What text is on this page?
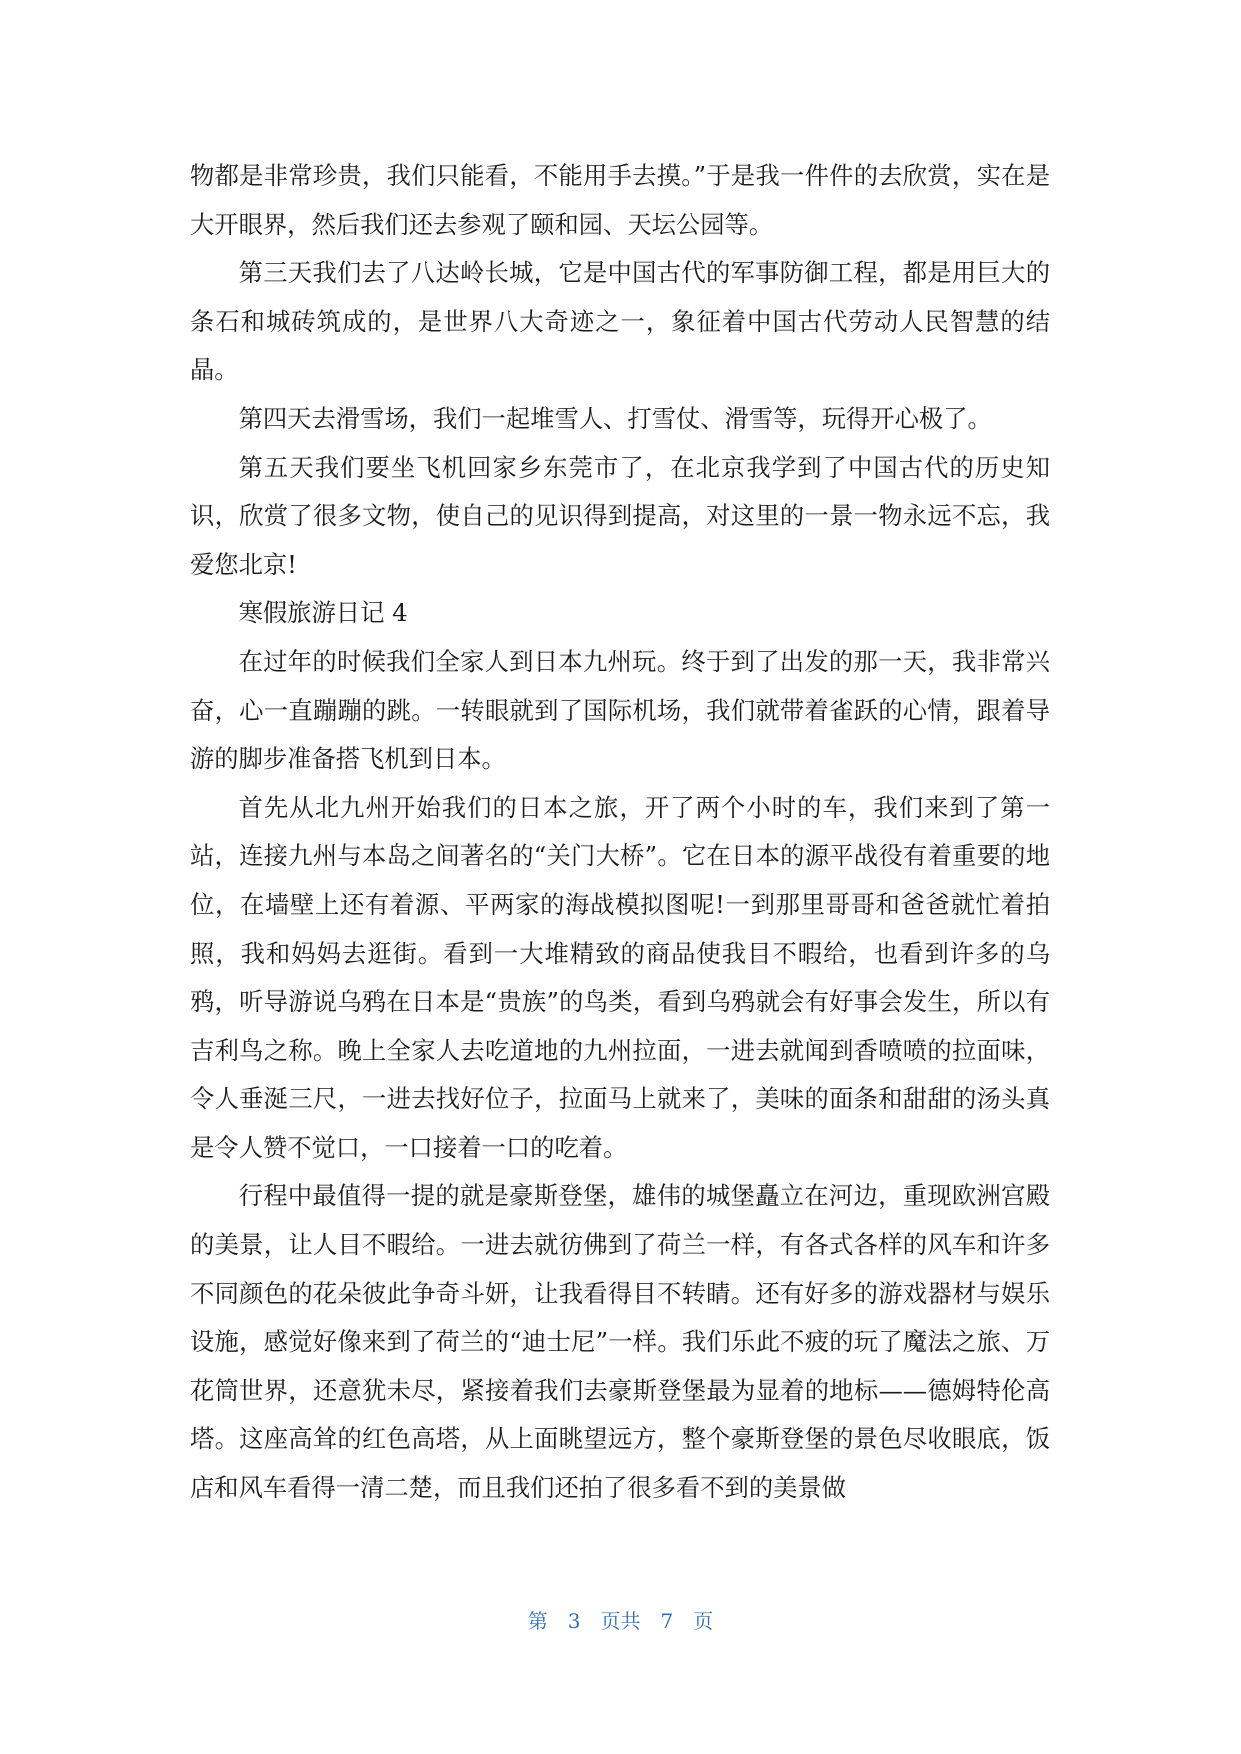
物都是非常珍贵，我们只能看，不能用手去摸。”于是我一件件的去欣赏，实在是大开眼界，然后我们还去参观了颐和园、天坛公园等。

第三天我们去了八达岭长城，它是中国古代的军事防御工程，都是用巨大的条石和城砖筑成的，是世界八大奇迹之一，象征着中国古代劳动人民智慧的结晶。

第四天去滑雪场，我们一起堆雪人、打雪仗、滑雪等，玩得开心极了。

第五天我们要坐飞机回家乡东莞市了，在北京我学到了中国古代的历史知识，欣赏了很多文物，使自己的见识得到提高，对这里的一景一物永远不忘，我爱您北京!

寒假旅游日记 4

在过年的时候我们全家人到日本九州玩。终于到了出发的那一天，我非常兴奋，心一直蹦蹦的跳。一转眼就到了国际机场，我们就带着雀跃的心情，跟着导游的脚步准备搭飞机到日本。

首先从北九州开始我们的日本之旅，开了两个小时的车，我们来到了第一站，连接九州与本岛之间著名的“关门大桥”。它在日本的源平战役有着重要的地位，在墙壁上还有着源、平两家的海战模拟图呢!一到那里哥哥和爸爸就忙着拍照，我和妈妈去逛街。看到一大堆精致的商品使我目不暇给，也看到许多的乌鸦，听导游说乌鸦在日本是“贵族”的鸟类，看到乌鸦就会有好事会发生，所以有吉利鸟之称。晚上全家人去吃道地的九州拉面，一进去就闻到香喷喷的拉面味，令人垂涎三尺，一进去找好位子，拉面马上就来了，美味的面条和甜甜的汤头真是令人赞不觉口，一口接着一口的吃着。

行程中最值得一提的就是豪斯登堡，雄伟的城堡矗立在河边，重现欧洲宫殿的美景，让人目不暇给。一进去就彷佛到了荷兰一样，有各式各样的风车和许多不同颜色的花朵彼此争奇斗妍，让我看得目不转睛。还有好多的游戏器材与娱乐设施，感觉好像来到了荷兰的“迪士尼”一样。我们乐此不疲的玩了魔法之旅、万花筒世界，还意犹未尽，紧接着我们去豪斯登堡最为显着的地标——德姆特伦高塔。这座高耸的红色高塔，从上面眺望远方，整个豪斯登堡的景色尽收眼底，饭店和风车看得一清二楚，而且我们还拍了很多看不到的美景做

第 3 页共 7 页
